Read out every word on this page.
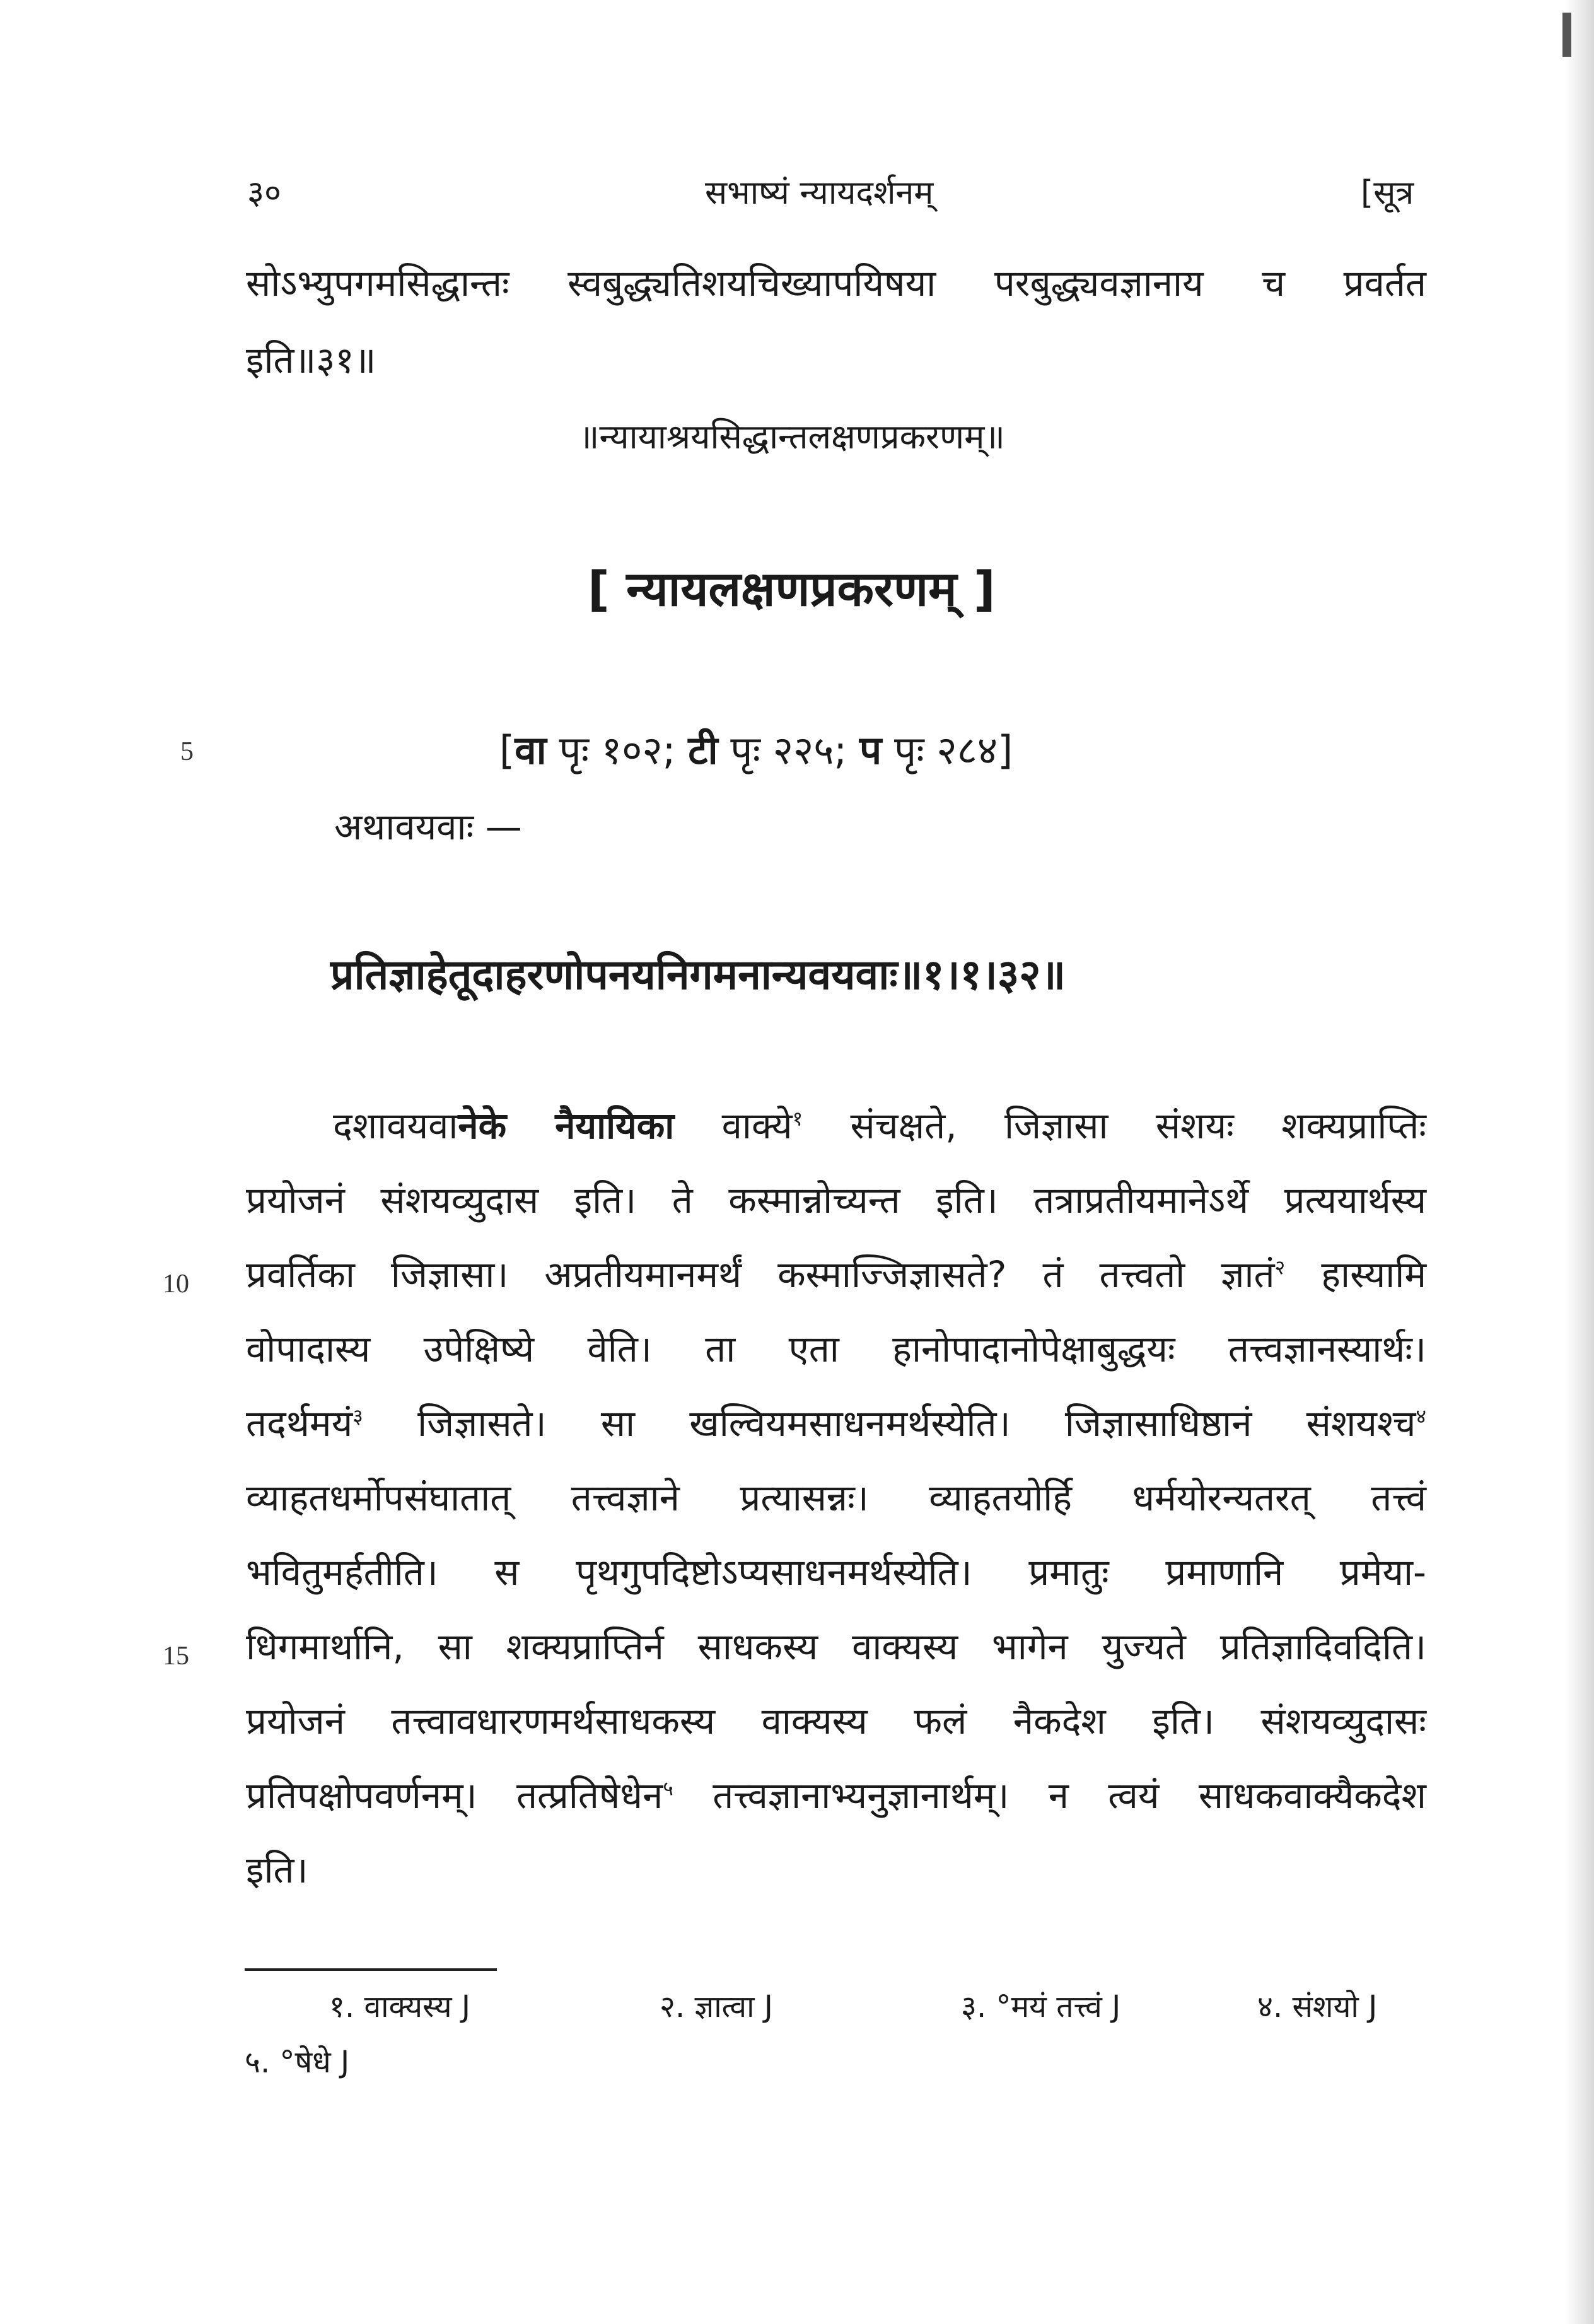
३०	सभाष्यं न्यायदर्शनम्	[सूत्र
सोऽभ्युपगमसिद्धान्तः स्वबुद्ध्यतिशयचिख्यापयिषया परबुद्ध्यवज्ञानाय च प्रवर्तत
इति॥३१॥
॥न्यायाश्रयसिद्धान्तलक्षणप्रकरणम्॥
[ न्यायलक्षणप्रकरणम् ]
5	[वा पृः १०२; टी पृः २२५; प पृः २८४]
अथावयवाः —
प्रतिज्ञाहेतूदाहरणोपनयनिगमनान्यवयवाः॥१।१।३२॥
दशावयवानेके नैयायिका वाक्ये$^१$ संचक्षते, जिज्ञासा संशयः शक्यप्राप्तिः
प्रयोजनं संशयव्युदास इति। ते कस्मान्नोच्यन्त इति। तत्राप्रतीयमानेऽर्थे प्रत्ययार्थस्य
10 प्रवर्तिका जिज्ञासा। अप्रतीयमानमर्थं कस्माज्जिज्ञासते? तं तत्त्वतो ज्ञातं$^२$ हास्यामि
वोपादास्य उपेक्षिष्ये वेति। ता एता हानोपादानोपेक्षाबुद्धयः तत्त्वज्ञानस्यार्थः।
तदर्थमयं$^३$ जिज्ञासते। सा खल्वियमसाधनमर्थस्येति। जिज्ञासाधिष्ठानं संशयश्च$^४$
व्याहतधर्मोपसंघातात् तत्त्वज्ञाने प्रत्यासन्नः। व्याहतयोर्हि धर्मयोरन्यतरत् तत्त्वं
भवितुमर्हतीति। स पृथगुपदिष्टोऽप्यसाधनमर्थस्येति। प्रमातुः प्रमाणानि प्रमेया-
15 धिगमार्थानि, सा शक्यप्राप्तिर्न साधकस्य वाक्यस्य भागेन युज्यते प्रतिज्ञादिवदिति।
प्रयोजनं तत्त्वावधारणमर्थसाधकस्य वाक्यस्य फलं नैकदेश इति। संशयव्युदासः
प्रतिपक्षोपवर्णनम्। तत्प्रतिषेधेन$^५$ तत्त्वज्ञानाभ्यनुज्ञानार्थम्। न त्वयं साधकवाक्यैकदेश
इति।
१. वाक्यस्य J	२. ज्ञात्वा J	३. °मयं तत्त्वं J	४. संशयो J
५. °षेधे J
